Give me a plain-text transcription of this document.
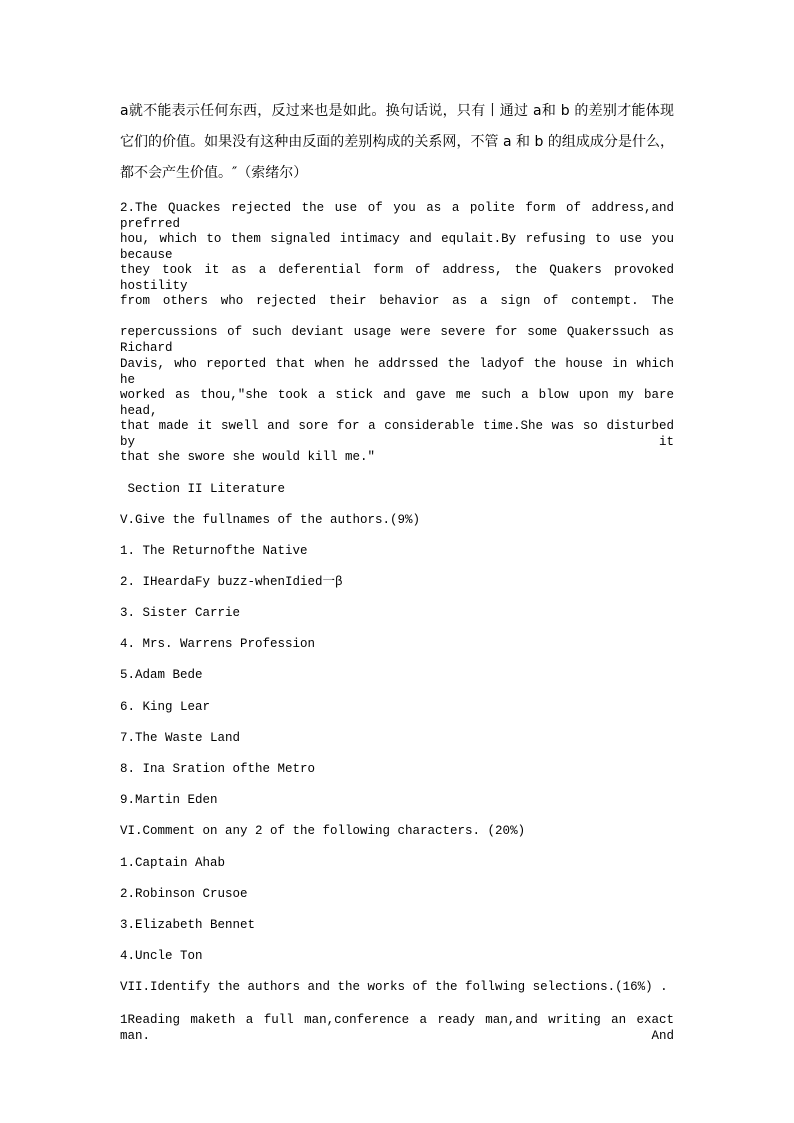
a就不能表示任何东西，反过来也是如此。换句话说，只有丨通过 a和 b 的差别才能体现
它们的价值。如果没有这种由反面的差别构成的关系网，不管 a 和 b 的组成成分是什么，
都不会产生价值。″（索绪尔）
2.The Quackes rejected the use of you as a polite form of address,and prefrred
hou, which to them signaled intimacy and equlait.By refusing to use you because
they took it as a deferential form of address, the Quakers provoked hostility
from others who rejected their behavior as a sign of contempt. The
repercussions of such deviant usage were severe for some Quakerssuch as Richard
Davis, who reported that when he addrssed the ladyof the house in which he
worked as thou,″she took a stick and gave me such a blow upon my bare head,
that made it swell and sore for a considerable time.She was so disturbed by it
that she swore she would kill me.″
Section II Literature
V.Give the fullnames of the authors.(9%)
1. The Returnofthe Native
2. IHeardaFy buzz-whenIdied一β
3. Sister Carrie
4. Mrs. Warrens Profession
5.Adam Bede
6. King Lear
7.The Waste Land
8. Ina Sration ofthe Metro
9.Martin Eden
VI.Comment on any 2 of the following characters. (20%)
1.Captain Ahab
2.Robinson Crusoe
3.Elizabeth Bennet
4.Uncle Ton
VII.Identify the authors and the works of the follwing selections.(16%) .
1Reading maketh a full man,conference a ready man,and writing an exact man. And
